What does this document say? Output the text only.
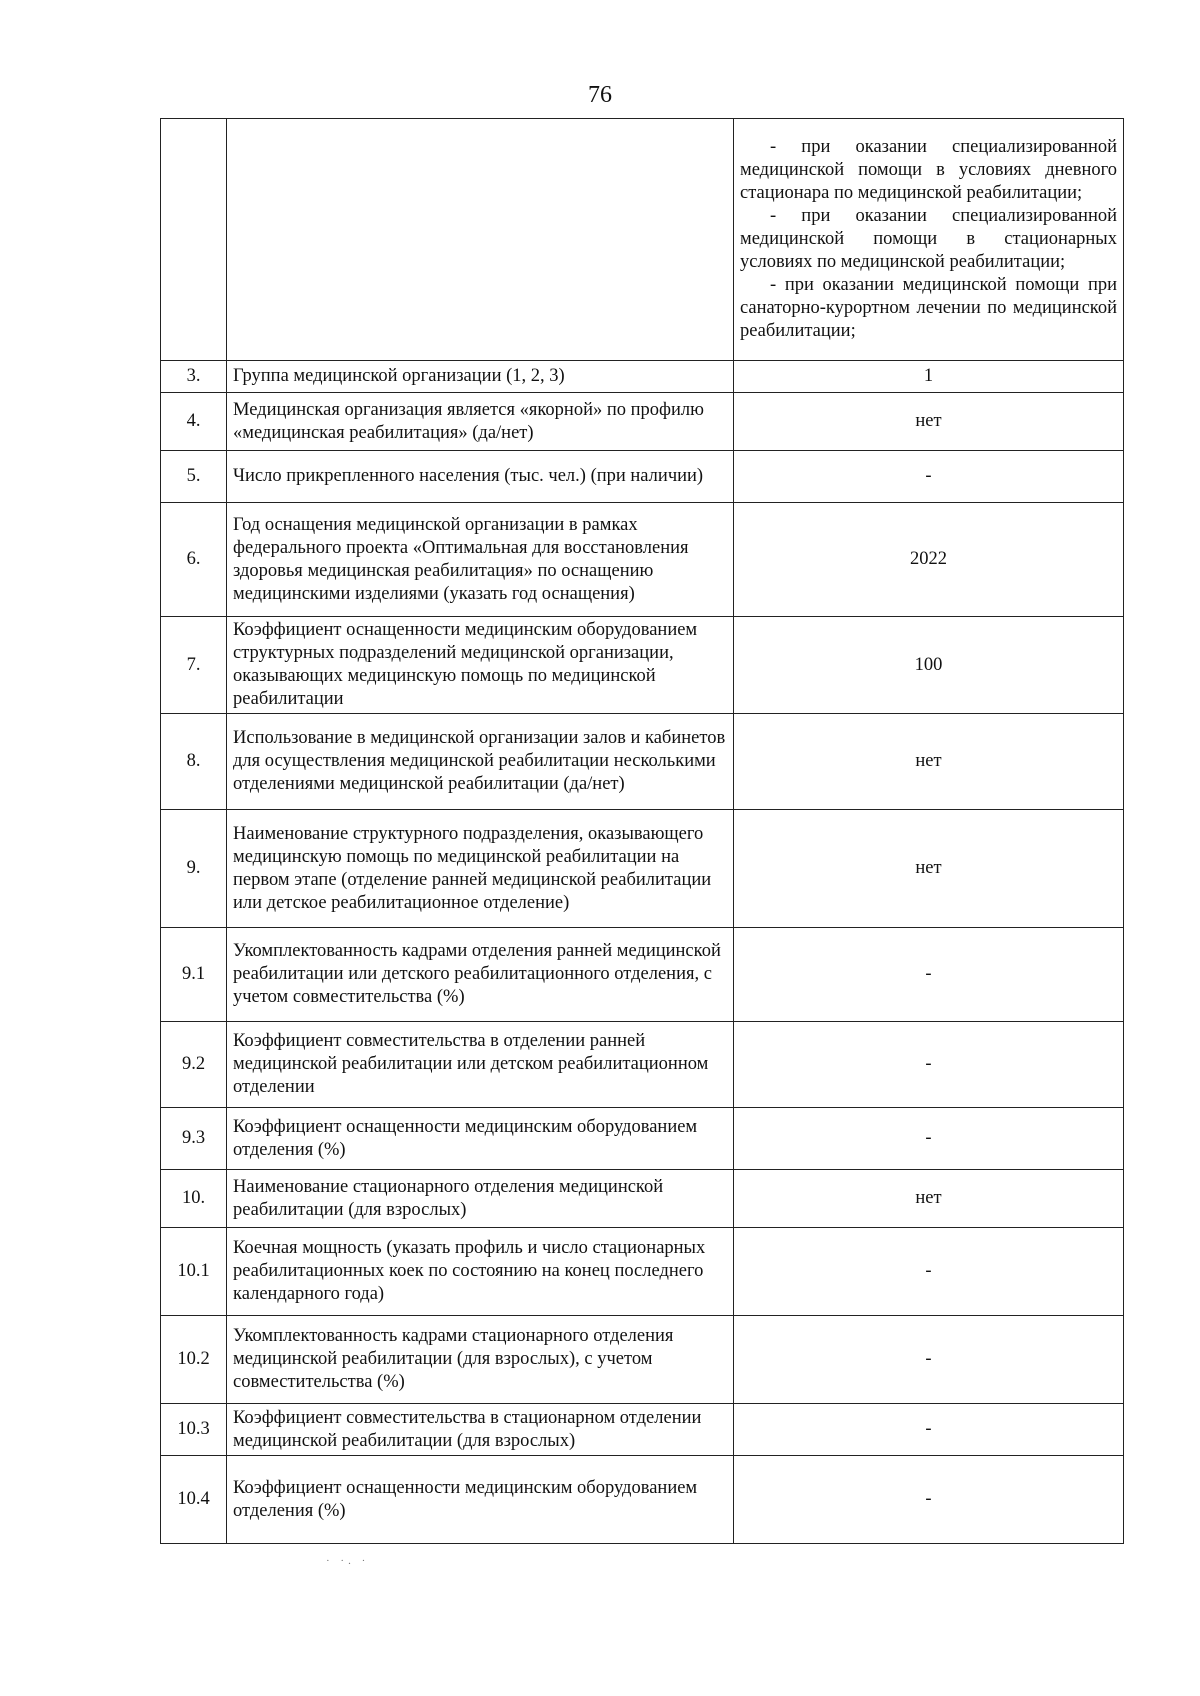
76

		- при оказании специализированной медицинской помощи в условиях дневного стационара по медицинской реабилитации;

- при оказании специализированной медицинской помощи в стационарных условиях по медицинской реабилитации;

- при оказании медицинской помощи при санаторно-курортном лечении по медицинской реабилитации;

3.	Группа медицинской организации (1, 2, 3)	1
4.	Медицинская организация является «якорной» по профилю «медицинская реабилитация» (да/нет)	нет
5.	Число прикрепленного населения (тыс. чел.) (при наличии)	-
6.	Год оснащения медицинской организации в рамках федерального проекта «Оптимальная для восстановления здоровья медицинская реабилитация» по оснащению медицинскими изделиями (указать год оснащения)	2022
7.	Коэффициент оснащенности медицинским оборудованием структурных подразделений медицинской организации, оказывающих медицинскую помощь по медицинской реабилитации	100
8.	Использование в медицинской организации залов и кабинетов для осуществления медицинской реабилитации несколькими отделениями медицинской реабилитации (да/нет)	нет
9.	Наименование структурного подразделения, оказывающего медицинскую помощь по медицинской реабилитации на первом этапе (отделение ранней медицинской реабилитации или детское реабилитационное отделение)	нет
9.1	Укомплектованность кадрами отделения ранней медицинской реабилитации или детского реабилитационного отделения, с учетом совместительства (%)	-
9.2	Коэффициент совместительства в отделении ранней медицинской реабилитации или детском реабилитационном отделении	-
9.3	Коэффициент оснащенности медицинским оборудованием отделения (%)	-
10.	Наименование стационарного отделения медицинской реабилитации (для взрослых)	нет
10.1	Коечная мощность (указать профиль и число стационарных реабилитационных коек по состоянию на конец последнего календарного года)	-
10.2	Укомплектованность кадрами стационарного отделения медицинской реабилитации (для взрослых), с учетом совместительства (%)	-
10.3	Коэффициент совместительства в стационарном отделении медицинской реабилитации (для взрослых)	-
10.4	Коэффициент оснащенности медицинским оборудованием отделения (%)	-
· ·. ·
